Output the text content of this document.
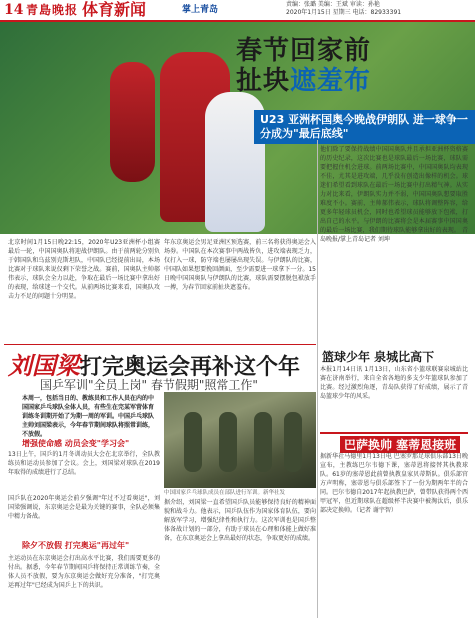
14 青島晚报 体育新闻	掌上青岛
责编：张璐 美编：王斌 审读：孙艳
2020年1月15日 星期三 电话：82933391
春节回家前
扯块遮羞布
U23 亚洲杯国奥今晚战伊朗队 进一球争一分成为"最后底线"
北京时间1月15日晚22:15，2020年U23亚洲杯小组赛最后一轮，中国国奥队将迎战伊朗队。由于前两轮分别负于韩国队和乌兹别克斯坦队，中国队已经提前出局，本场比赛对于球队来说仅剩下荣誉之战。赛前，国奥队主帅郝伟表示，球队会全力以赴，争取在最后一场比赛中拿出好的表现，给球迷一个交代。从前两场比赛来看，国奥队攻击力不足的问题十分明显。
年东京奥运会男足亚洲区预选赛，前三名将获得奥运会入场券。中国队在本次赛事中两战皆负，进攻端表现乏力，仅打入一球，防守端也屡屡出现失误。与伊朗队的比赛，中国队如果想要挽回颜面，至少需要进一球拿下一分。15日晚中国国奥队与伊朗队的比赛，球队需要摆脱包袱放手一搏，为春节回家前扯块遮羞布。
他们除了要保持战绩中国国奥队并且承担亚洲杯资格赛的历史纪录，这次比赛也是球队最后一场比赛，球队需要把握住机会进球。前两场比赛中，中国国奥队均表现不佳，尤其是进攻端，几乎没有创造出像样的机会。球迷们希望看到球队在最后一场比赛中打出精气神。从实力对比来看，伊朗队实力并不弱，中国国奥队想要取胜难度不小。赛前，主帅郝伟表示，球队将调整阵容，给更多年轻球员机会，同时也希望球员能够放下包袱，打出自己的水平。与伊朗的比赛将会是本届赛事中国国奥的最后一场比赛，我们期待球队能够拿出好的表现。 青岛晚报/掌上青岛记者 刘坤
刘国梁打完奥运会再补这个年
国乒军训"全员上岗" 春节假期"照常工作"
本周一，包括当日的、教练员和工作人员在内的中国国家乒乓球队全体人员，有些生在完某军营体育训练冬训期开始了为期一周的军训。中国乒乓球队主帅刘国梁表示，今年春节期间球队将照常训练，不放假。
中国国家乒乓球队成员在部队进行军训。新华社发
增强使命感 动员会变"学习会"
13日上午，国乒的1月冬训动员大会在北京举行，全队教练员和运动员参加了会议。会上，刘国梁对球队在2019年取得的成绩进行了总结。
国乒队在2020年奥运会前夕强调"年过不过看奥运"，刘国梁强调说，东京奥运会是最为关键的赛事，全队必须集中精力备战。
除夕不放假 打完奥运"再过年"
主运动员在东京奥运会打出高水平比赛，我们需要更多的付出。据悉，今年春节期间国乒将保持正常训练节奏，全体人员不放假，要为东京奥运会做好充分准备，"打完奥运再过年"已经成为国乒上下的共识。
据介绍，刘国梁一直希望国乒队员能够保持良好的精神面貌和战斗力。他表示，国乒队伍作为国家体育队伍，要向解放军学习，增强纪律性和执行力。这次军训也是国乒整体备战计划的一部分，有助于球员在心理和体能上做好准备，在东京奥运会上拿出最好的状态，争取更好的成绩。
篮球少年 泉城比高下
本报1月14日讯 1月13日，山东省小篮球联赛泉城站比赛在济南举行，来自全省各地的多支少年篮球队参加了比赛。经过激烈角逐，青岛队获得了好成绩，展示了青岛篮球少年的风采。
巴萨换帅 塞蒂恩接班
据新华社马德里1月13日电 巴塞罗那足球俱乐部13日晚宣布，主教练巴尔韦德下课，塞蒂恩将接替其执教球队。61岁的塞蒂恩此前曾执教皇家贝蒂斯队。俱乐部官方声明称，塞蒂恩与俱乐部签下了一份为期两年半的合同。巴尔韦德自2017年起执教巴萨，曾带队获得两个西甲冠军，但近期球队在超级杯半决赛中被淘汰后，俱乐部决定换帅。（记者 谢宇智）
